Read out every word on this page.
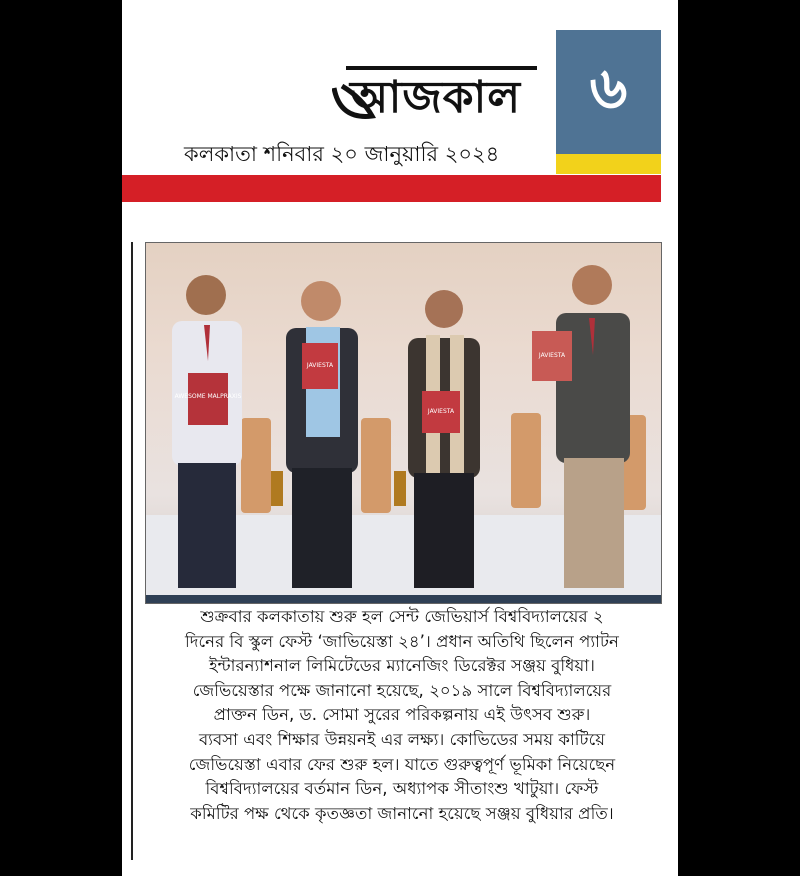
আজকাল
কলকাতা শনিবার ২০ জানুয়ারি ২০২৪
৬
AWESOME MALPRAXIS
JAVIESTA
JAVIESTA
JAVIESTA
শুক্রবার কলকাতায় শুরু হল সেন্ট জেভিয়ার্স বিশ্ববিদ্যালয়ের ২
দিনের বি স্কুল ফেস্ট ‘জাভিয়েস্তা ২৪’। প্রধান অতিথি ছিলেন প্যাটন
ইন্টারন্যাশনাল লিমিটেডের ম্যানেজিং ডিরেক্টর সঞ্জয় বুধিয়া।
জেভিয়েস্তার পক্ষে জানানো হয়েছে, ২০১৯ সালে বিশ্ববিদ্যালয়ের
প্রাক্তন ডিন, ড. সোমা সুরের পরিকল্পনায় এই উৎসব শুরু।
ব্যবসা এবং শিক্ষার উন্নয়নই এর লক্ষ্য। কোভিডের সময় কাটিয়ে
জেভিয়েস্তা এবার ফের শুরু হল। যাতে গুরুত্বপূর্ণ ভূমিকা নিয়েছেন
বিশ্ববিদ্যালয়ের বর্তমান ডিন, অধ্যাপক সীতাংশু খাটুয়া। ফেস্ট
কমিটির পক্ষ থেকে কৃতজ্ঞতা জানানো হয়েছে সঞ্জয় বুধিয়ার প্রতি।
